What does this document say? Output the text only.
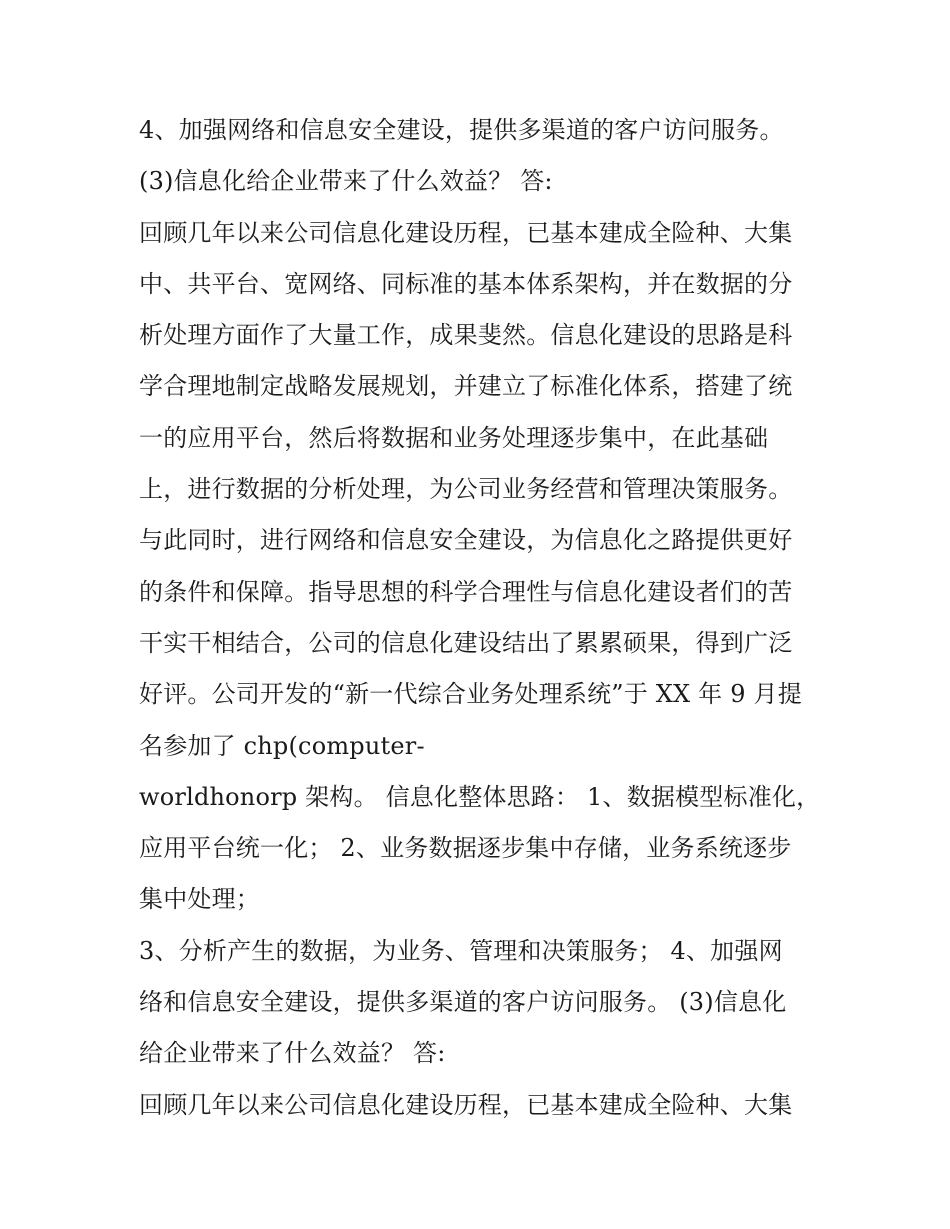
4、加强网络和信息安全建设，提供多渠道的客户访问服务。
(3)信息化给企业带来了什么效益？ 答:
回顾几年以来公司信息化建设历程，已基本建成全险种、大集
中、共平台、宽网络、同标准的基本体系架构，并在数据的分
析处理方面作了大量工作，成果斐然。信息化建设的思路是科
学合理地制定战略发展规划，并建立了标准化体系，搭建了统
一的应用平台，然后将数据和业务处理逐步集中，在此基础
上，进行数据的分析处理，为公司业务经营和管理决策服务。
与此同时，进行网络和信息安全建设，为信息化之路提供更好
的条件和保障。指导思想的科学合理性与信息化建设者们的苦
干实干相结合，公司的信息化建设结出了累累硕果，得到广泛
好评。公司开发的“新一代综合业务处理系统”于 XX 年 9 月提
名参加了 chp(computer-
worldhonorp 架构。 信息化整体思路： 1、数据模型标准化，
应用平台统一化； 2、业务数据逐步集中存储，业务系统逐步
集中处理；
3、分析产生的数据，为业务、管理和决策服务； 4、加强网
络和信息安全建设，提供多渠道的客户访问服务。 (3)信息化
给企业带来了什么效益？ 答:
回顾几年以来公司信息化建设历程，已基本建成全险种、大集
